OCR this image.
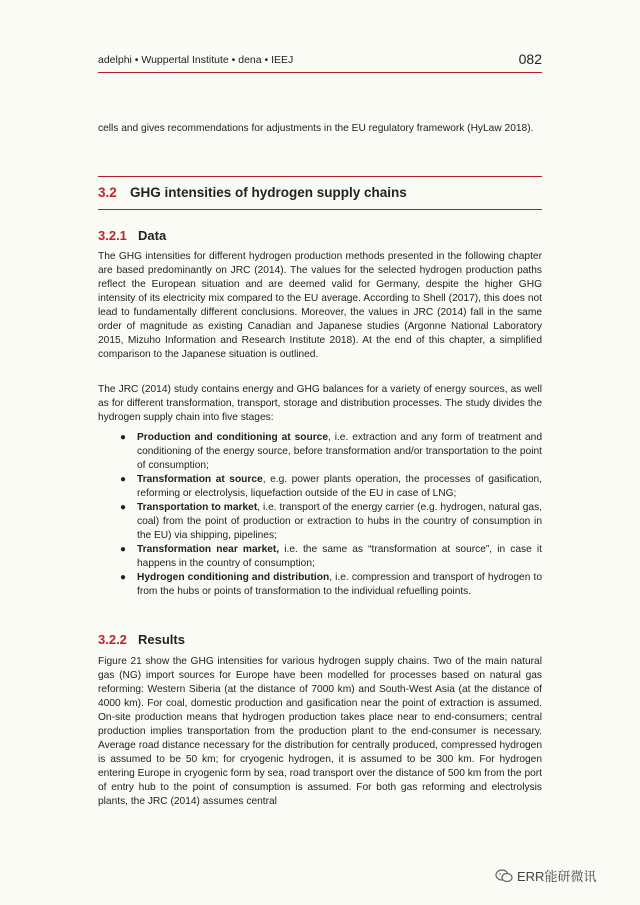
adelphi • Wuppertal Institute • dena • IEEJ	082

cells and gives recommendations for adjustments in the EU regulatory framework (HyLaw 2018).

3.2 GHG intensities of hydrogen supply chains
3.2.1 Data

The GHG intensities for different hydrogen production methods presented in the following chapter are based predominantly on JRC (2014). The values for the selected hydrogen production paths reflect the European situation and are deemed valid for Germany, despite the higher GHG intensity of its electricity mix compared to the EU average. According to Shell (2017), this does not lead to fundamentally different conclusions. Moreover, the values in JRC (2014) fall in the same order of magnitude as existing Canadian and Japanese studies (Argonne National Laboratory 2015, Mizuho Information and Research Institute 2018). At the end of this chapter, a simplified comparison to the Japanese situation is outlined.

The JRC (2014) study contains energy and GHG balances for a variety of energy sources, as well as for different transformation, transport, storage and distribution processes. The study divides the hydrogen supply chain into five stages:

● Production and conditioning at source, i.e. extraction and any form of treatment and conditioning of the energy source, before transformation and/or transportation to the point of consumption;
● Transformation at source, e.g. power plants operation, the processes of gasification, reforming or electrolysis, liquefaction outside of the EU in case of LNG;
● Transportation to market, i.e. transport of the energy carrier (e.g. hydrogen, natural gas, coal) from the point of production or extraction to hubs in the country of consumption in the EU) via shipping, pipelines;
● Transformation near market, i.e. the same as “transformation at source”, in case it happens in the country of consumption;
● Hydrogen conditioning and distribution, i.e. compression and transport of hydrogen to from the hubs or points of transformation to the individual refuelling points.
3.2.2 Results

Figure 21 show the GHG intensities for various hydrogen supply chains. Two of the main natural gas (NG) import sources for Europe have been modelled for processes based on natural gas reforming: Western Siberia (at the distance of 7000 km) and South-West Asia (at the distance of 4000 km). For coal, domestic production and gasification near the point of extraction is assumed. On-site production means that hydrogen production takes place near to end-consumers; central production implies transportation from the production plant to the end-consumer is necessary. Average road distance necessary for the distribution for centrally produced, compressed hydrogen is assumed to be 50 km; for cryogenic hydrogen, it is assumed to be 300 km. For hydrogen entering Europe in cryogenic form by sea, road transport over the distance of 500 km from the port of entry hub to the point of consumption is assumed. For both gas reforming and electrolysis plants, the JRC (2014) assumes central

ERR能研微讯
